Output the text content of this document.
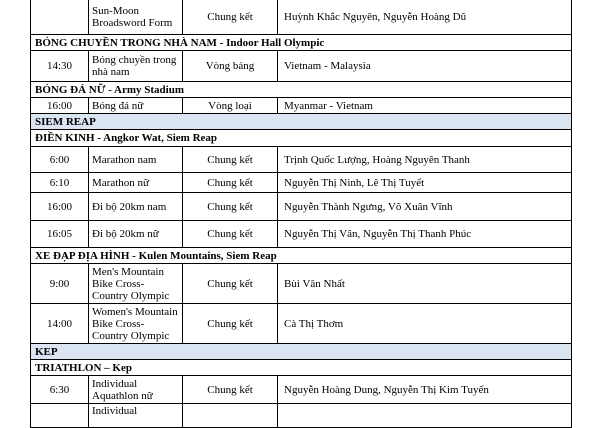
	Sun-Moon Broadsword Form	Chung kết	Huỳnh Khắc Nguyên, Nguyễn Hoàng Dũ
BÓNG CHUYỀN TRONG NHÀ NAM - Indoor Hall Olympic			
14:30	Bóng chuyền trong nhà nam	Vòng bảng	Vietnam - Malaysia
BÓNG ĐÁ NỮ - Army Stadium			
16:00	Bóng đá nữ	Vòng loại	Myanmar - Vietnam
SIEM REAP			
ĐIỀN KINH - Angkor Wat, Siem Reap			
6:00	Marathon nam	Chung kết	Trịnh Quốc Lượng, Hoàng Nguyên Thanh
6:10	Marathon nữ	Chung kết	Nguyễn Thị Ninh, Lê Thị Tuyết
16:00	Đi bộ 20km nam	Chung kết	Nguyễn Thành Ngưng, Võ Xuân Vĩnh
16:05	Đi bộ 20km nữ	Chung kết	Nguyễn Thị Vân, Nguyễn Thị Thanh Phúc
XE ĐẠP ĐỊA HÌNH - Kulen Mountains, Siem Reap			
9:00	Men's Mountain Bike Cross-Country Olympic	Chung kết	Bùi Văn Nhất
14:00	Women's Mountain Bike Cross-Country Olympic	Chung kết	Cà Thị Thơm
KEP			
TRIATHLON – Kep			
6:30	Individual Aquathlon nữ	Chung kết	Nguyễn Hoàng Dung, Nguyễn Thị Kim Tuyến
	Individual		
